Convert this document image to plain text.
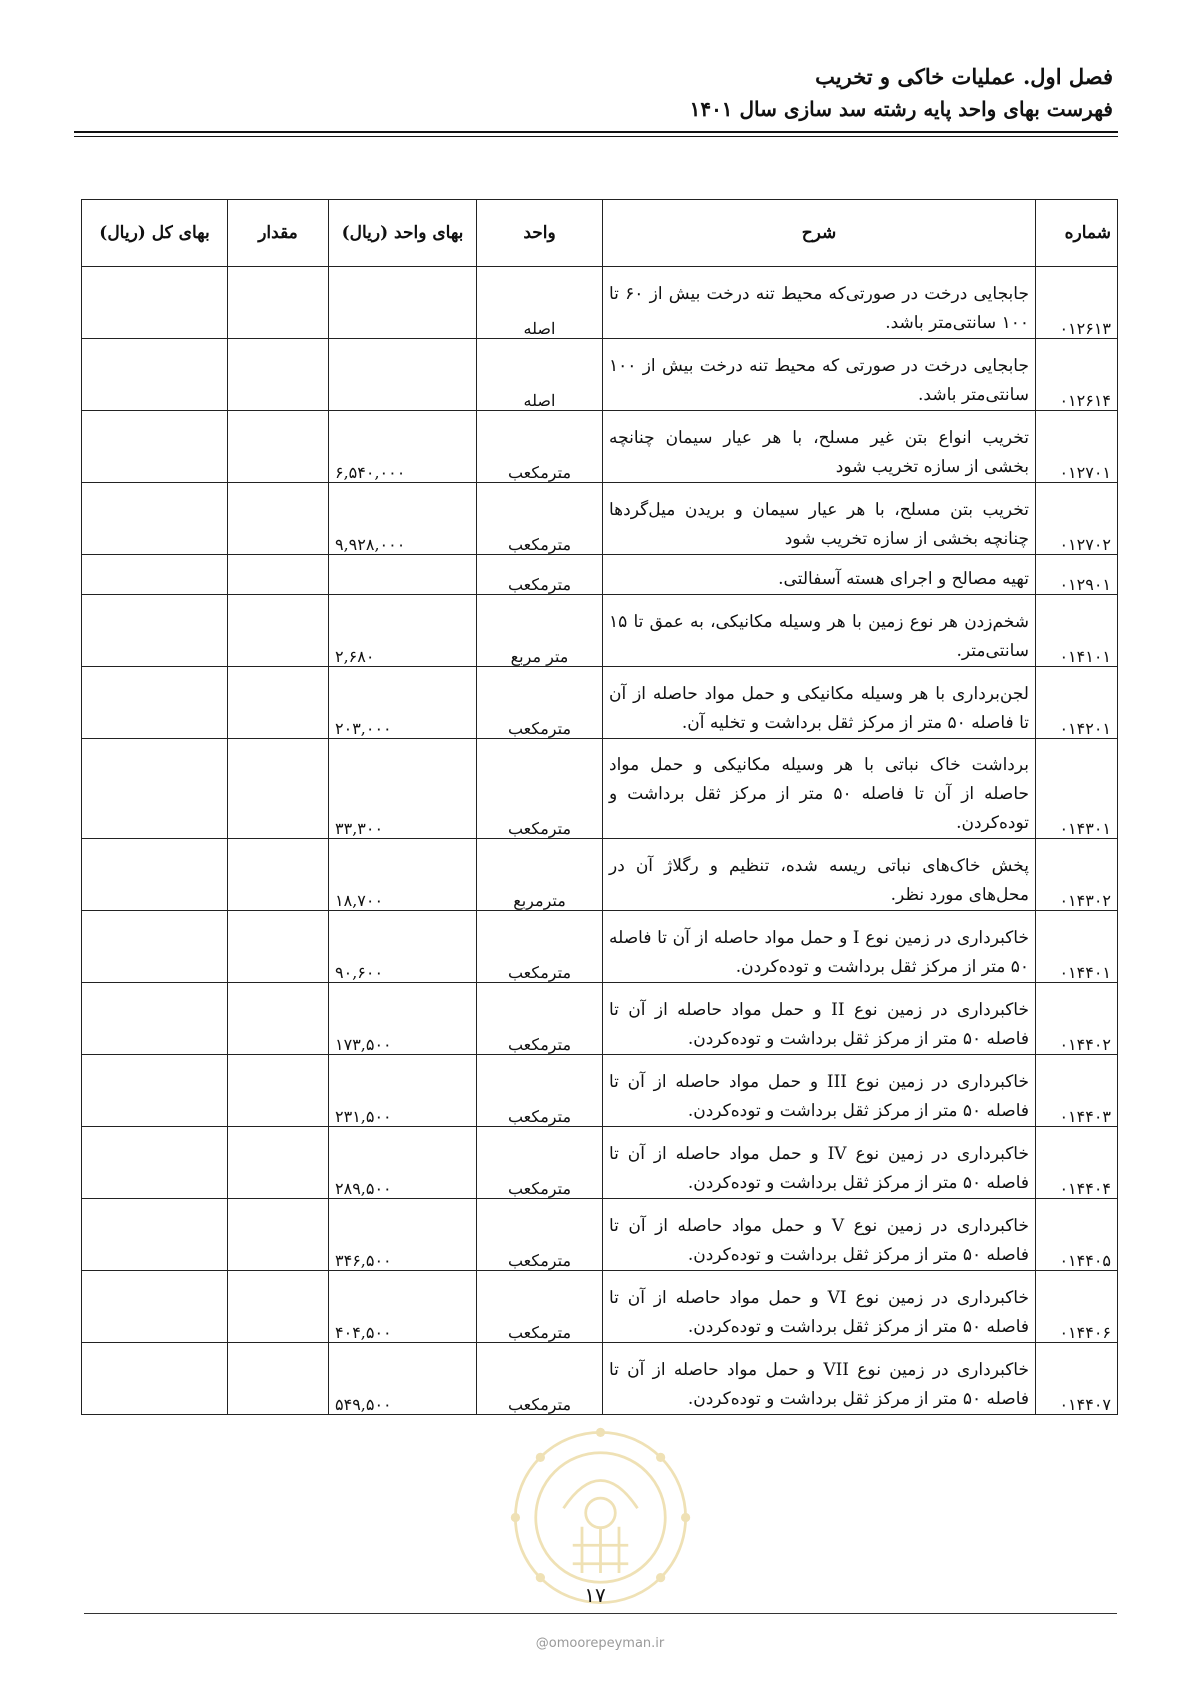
فصل اول. عملیات خاکی و تخریب
فهرست بهای واحد پایه رشته سد سازی سال ۱۴۰۱
شماره	شرح	واحد	بهای واحد (ریال)	مقدار	بهای کل (ریال)
۰۱۲۶۱۳	جابجایی درخت در صورتی‌که محیط تنه درخت بیش از ۶۰ تا ۱۰۰ سانتی‌متر باشد.	اصله			
۰۱۲۶۱۴	جابجایی درخت در صورتی که محیط تنه درخت بیش از ۱۰۰ سانتی‌متر باشد.	اصله			
۰۱۲۷۰۱	تخریب انواع بتن غیر مسلح، با هر عیار سیمان چنانچه بخشی از سازه تخریب شود	مترمکعب	۶,۵۴۰,۰۰۰		
۰۱۲۷۰۲	تخریب بتن مسلح، با هر عیار سیمان و بریدن میل‌گردها چنانچه بخشی از سازه تخریب شود	مترمکعب	۹,۹۲۸,۰۰۰		
۰۱۲۹۰۱	تهیه مصالح و اجرای هسته آسفالتی.	مترمکعب			
۰۱۴۱۰۱	شخم‌زدن هر نوع زمین با هر وسیله مکانیکی، به عمق تا ۱۵ سانتی‌متر.	متر مربع	۲,۶۸۰		
۰۱۴۲۰۱	لجن‌برداری با هر وسیله مکانیکی و حمل مواد حاصله از آن تا فاصله ۵۰ متر از مرکز ثقل برداشت و تخلیه آن.	مترمکعب	۲۰۳,۰۰۰		
۰۱۴۳۰۱	برداشت خاک نباتی با هر وسیله مکانیکی و حمل مواد حاصله از آن تا فاصله ۵۰ متر از مرکز ثقل برداشت و توده‌کردن.	مترمکعب	۳۳,۳۰۰		
۰۱۴۳۰۲	پخش خاک‌های نباتی ریسه شده، تنظیم و رگلاژ آن در محل‌های مورد نظر.	مترمربع	۱۸,۷۰۰		
۰۱۴۴۰۱	خاکبرداری در زمین نوع I و حمل مواد حاصله از آن تا فاصله ۵۰ متر از مرکز ثقل برداشت و توده‌کردن.	مترمکعب	۹۰,۶۰۰		
۰۱۴۴۰۲	خاکبرداری در زمین نوع II و حمل مواد حاصله از آن تا فاصله ۵۰ متر از مرکز ثقل برداشت و توده‌کردن.	مترمکعب	۱۷۳,۵۰۰		
۰۱۴۴۰۳	خاکبرداری در زمین نوع III و حمل مواد حاصله از آن تا فاصله ۵۰ متر از مرکز ثقل برداشت و توده‌کردن.	مترمکعب	۲۳۱,۵۰۰		
۰۱۴۴۰۴	خاکبرداری در زمین نوع IV و حمل مواد حاصله از آن تا فاصله ۵۰ متر از مرکز ثقل برداشت و توده‌کردن.	مترمکعب	۲۸۹,۵۰۰		
۰۱۴۴۰۵	خاکبرداری در زمین نوع V و حمل مواد حاصله از آن تا فاصله ۵۰ متر از مرکز ثقل برداشت و توده‌کردن.	مترمکعب	۳۴۶,۵۰۰		
۰۱۴۴۰۶	خاکبرداری در زمین نوع VI و حمل مواد حاصله از آن تا فاصله ۵۰ متر از مرکز ثقل برداشت و توده‌کردن.	مترمکعب	۴۰۴,۵۰۰		
۰۱۴۴۰۷	خاکبرداری در زمین نوع VII و حمل مواد حاصله از آن تا فاصله ۵۰ متر از مرکز ثقل برداشت و توده‌کردن.	مترمکعب	۵۴۹,۵۰۰		
۱۷
@omoorepeyman.ir
